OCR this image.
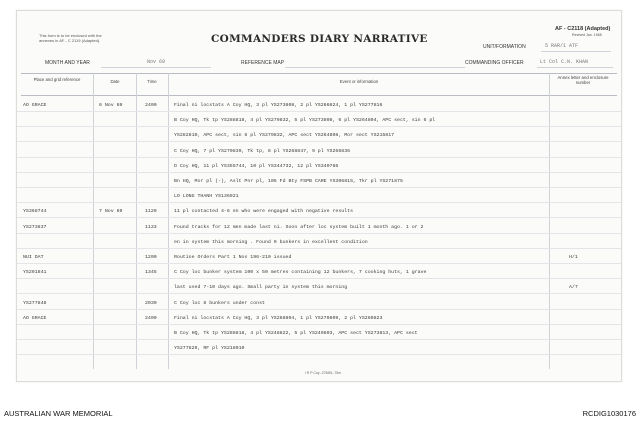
This form is to be enclosed with the
annexes in AF - C 2119 (Adapted).	COMMANDERS DIARY NARRATIVE
AF - C2118 (Adapted)
Revised Jan. 1965
UNIT/FORMATION	5 RAR/1 ATF
MONTH AND YEAR	Nov 69	REFERENCE MAP	COMMANDING OFFICER	Lt Col C.N. KHAN
Place and grid reference	Date	Time	Event or information
Annex letter and enclosure number
AO GRACE	6 Nov 69	2400	Final ni locstats A Coy HQ, 3 pl YS273808, 2 pl YS266824, 1 pl YS277816
B Coy HQ, Tk tp YS288818, 4 pl YS279832, 5 pl YS273808, 6 pl YS264804, APC sect, sin 6 pl
YS282810, APC sect, sin 6 pl YS279832, APC sect YS264808, Mor sect YS215817
C Coy HQ, 7 pl YS270839, Tk tp, 8 pl YS268847, 9 pl YS266836
D Coy HQ, 11 pl YS355744, 10 pl YS344732, 12 pl YS340766
Bn HQ, Mor pl (-), Aslt Pnr pl, 105 Fd Bty FSPB CARE YS306815, Tkr pl YS271875
LO LONG THANH YS136921
YS368744	7 Nov 69	1120	11 pl contacted 4-6 en who were engaged with negative results
YS273837	1133	Found tracks for 12 men made last ni. Soon after loc system built 1 month ago. 1 or 2
en in system this morning . Found 9 bunkers in excellent condition
NUI DAT	1200	Routine Orders Part 1 Nos 196-210 issued	H/1
YS291841	1345	C Coy loc bunker system 100 x 50 metres containing 12 bunkers, 7 cooking huts, 1 grave
last used 7-10 days ago. Small party in system this morning	A/7
YS277848	2030	C Coy loc 8 bunkers under const
AO GRACE	2400	Final ni locstats A Coy HQ, 3 pl YS268804, 1 pl YS270809, 2 pl YS260823
B Coy HQ, Tk tp YS288818, 4 pl YS248822, 5 pl YS249803, APC sect YS273813, APC sect
YS277829, RF pl YS218010
I R P Coy--275/65--75m
AUSTRALIAN WAR MEMORIAL	RCDIG1030176
